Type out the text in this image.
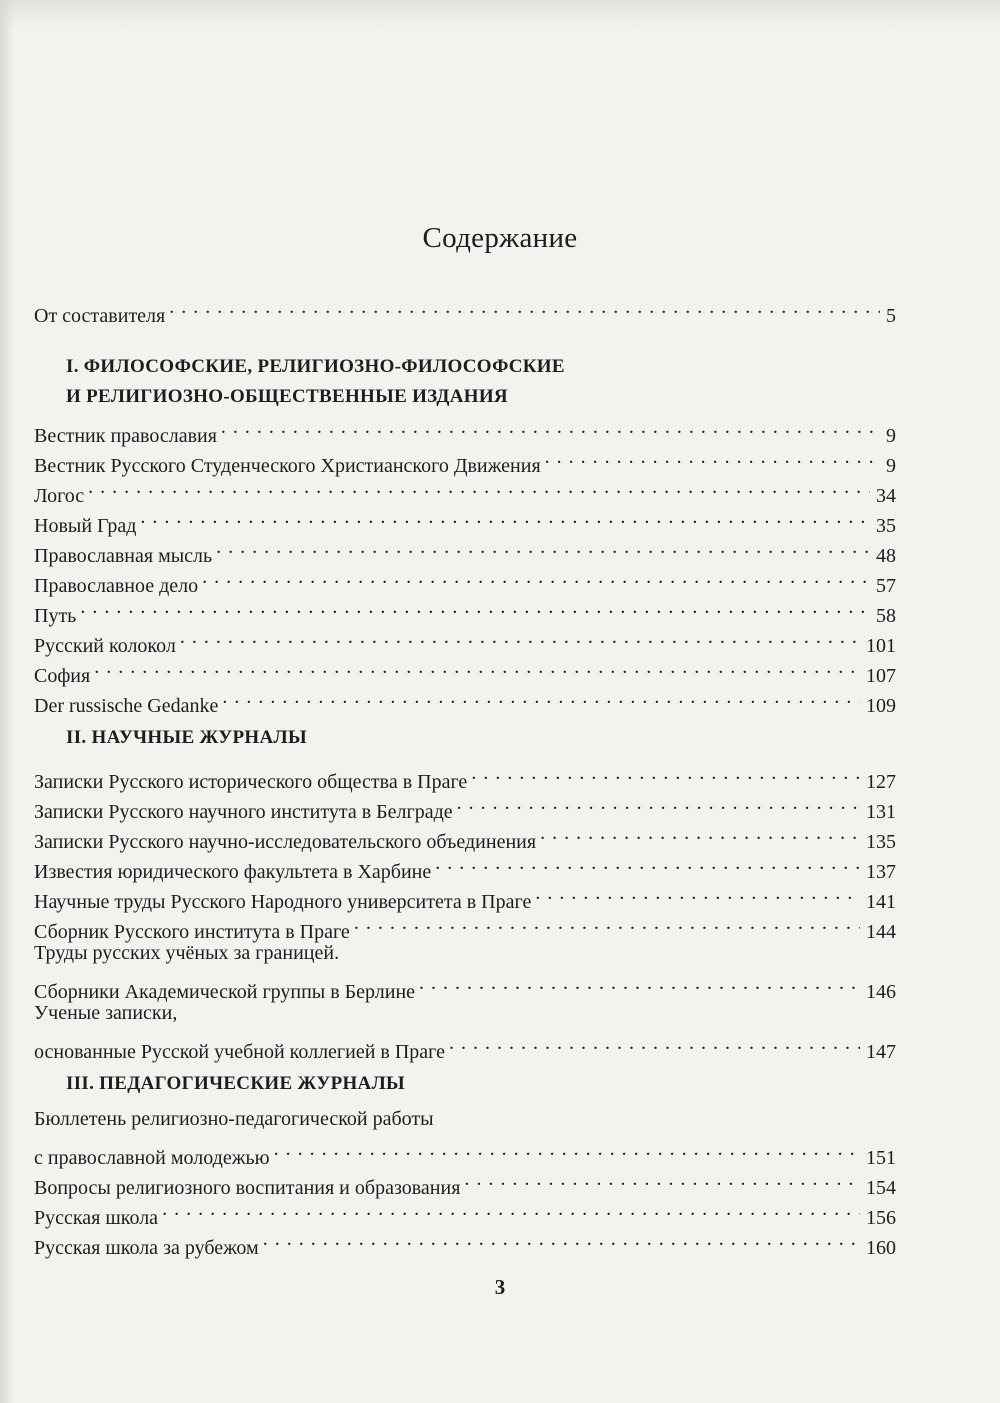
Содержание
От составителя . . .	5
I. ФИЛОСОФСКИЕ, РЕЛИГИОЗНО-ФИЛОСОФСКИЕ
И РЕЛИГИОЗНО-ОБЩЕСТВЕННЫЕ ИЗДАНИЯ
Вестник православия . . .	9
Вестник Русского Студенческого Христианского Движения . . .	9
Логос . . .	34
Новый Град . . .	35
Православная мысль . . .	48
Православное дело . . .	57
Путь . . .	58
Русский колокол . . .	101
София . . .	107
Der russische Gedanke . . .	109
II. НАУЧНЫЕ ЖУРНАЛЫ
Записки Русского исторического общества в Праге . . .	127
Записки Русского научного института в Белграде . . .	131
Записки Русского научно-исследовательского объединения . . .	135
Известия юридического факультета в Харбине . . .	137
Научные труды Русского Народного университета в Праге . . .	141
Сборник Русского института в Праге . . .	144
Труды русских учёных за границей.
Сборники Академической группы в Берлине . . .	146
Ученые записки,
основанные Русской учебной коллегией в Праге . . .	147
III. ПЕДАГОГИЧЕСКИЕ ЖУРНАЛЫ
Бюллетень религиозно-педагогической работы
с православной молодежью . . .	151
Вопросы религиозного воспитания и образования . . .	154
Русская школа . . .	156
Русская школа за рубежом . . .	160
3
